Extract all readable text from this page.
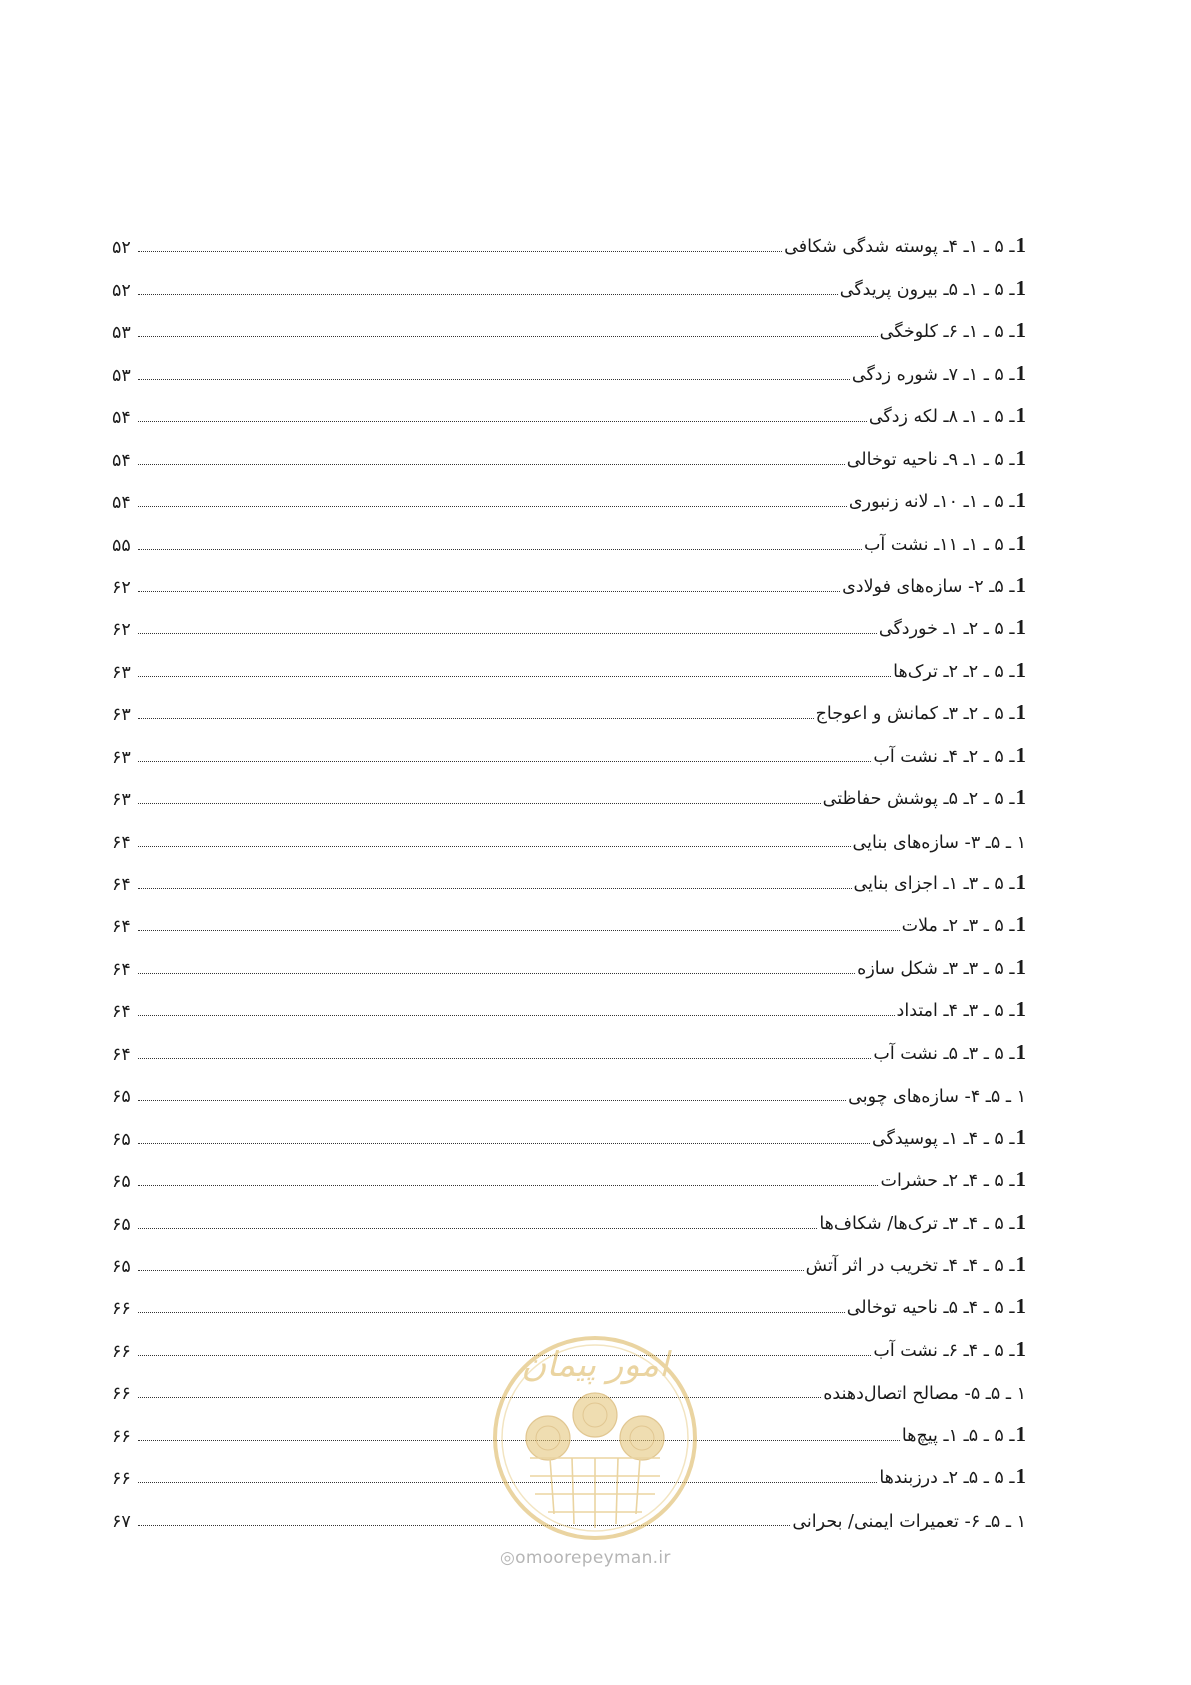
1ـ ۵ ـ ۱ـ ۴ـ پوسته شدگی شکافی
۵۲
1ـ ۵ ـ ۱ـ ۵ـ بیرون پریدگی
۵۲
1ـ ۵ ـ ۱ـ ۶ـ کلوخگی
۵۳
1ـ ۵ ـ ۱ـ ۷ـ شوره زدگی
۵۳
1ـ ۵ ـ ۱ـ ۸ـ لکه زدگی
۵۴
1ـ ۵ ـ ۱ـ ۹ـ ناحیه توخالی
۵۴
1ـ ۵ ـ ۱ـ ۱۰ـ لانه زنبوری
۵۴
1ـ ۵ ـ ۱ـ ۱۱ـ نشت آب
۵۵
1ـ ۵ـ ۲- سازه‌های فولادی
۶۲
1ـ ۵ ـ ۲ـ ۱ـ خوردگی
۶۲
1ـ ۵ ـ ۲ـ ۲ـ ترک‌ها
۶۳
1ـ ۵ ـ ۲ـ ۳ـ کمانش و اعوجاج
۶۳
1ـ ۵ ـ ۲ـ ۴ـ نشت آب
۶۳
1ـ ۵ ـ ۲ـ ۵ـ پوشش حفاظتی
۶۳
۱ ـ ۵ـ ۳- سازه‌های بنایی
۶۴
1ـ ۵ ـ ۳ـ ۱ـ اجزای بنایی
۶۴
1ـ ۵ ـ ۳ـ ۲ـ ملات
۶۴
1ـ ۵ ـ ۳ـ ۳ـ شکل سازه
۶۴
1ـ ۵ ـ ۳ـ ۴ـ امتداد
۶۴
1ـ ۵ ـ ۳ـ ۵ـ نشت آب
۶۴
۱ ـ ۵ـ ۴- سازه‌های چوبی
۶۵
1ـ ۵ ـ ۴ـ ۱ـ پوسیدگی
۶۵
1ـ ۵ ـ ۴ـ ۲ـ حشرات
۶۵
1ـ ۵ ـ ۴ـ ۳ـ ترک‌ها/ شکاف‌ها
۶۵
1ـ ۵ ـ ۴ـ ۴ـ تخریب در اثر آتش
۶۵
1ـ ۵ ـ ۴ـ ۵ـ ناحیه توخالی
۶۶
1ـ ۵ ـ ۴ـ ۶ـ نشت آب
۶۶
۱ ـ ۵ـ ۵- مصالح اتصال‌دهنده
۶۶
1ـ ۵ ـ ۵ـ ۱ـ پیچ‌ها
۶۶
1ـ ۵ ـ ۵ـ ۲ـ درزبندها
۶۶
۱ ـ ۵ـ ۶- تعمیرات ایمنی/ بحرانی
۶۷
امور پیمان
◎omoorepeyman.ir
